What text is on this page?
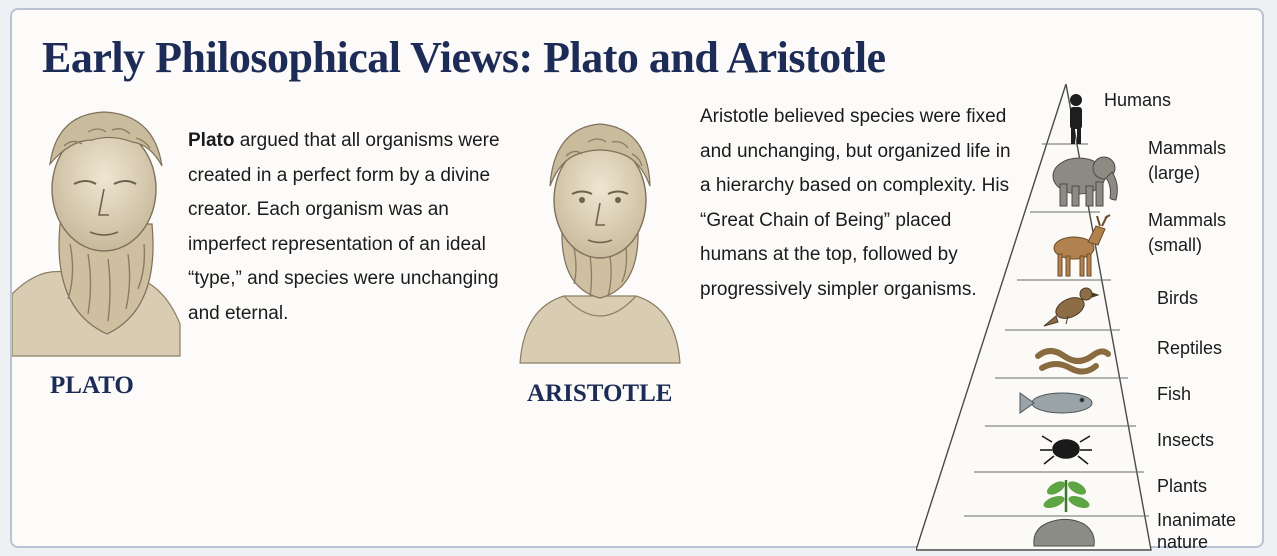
Early Philosophical Views: Plato and Aristotle
PLATO

Plato argued that all organisms were created in a perfect form by a divine creator. Each organism was an imperfect representation of an ideal “type,” and species were unchanging and eternal.

ARISTOTLE

Aristotle believed species were fixed and unchanging, but organized life in a hierarchy based on complexity. His “Great Chain of Being” placed humans at the top, followed by progressively simpler organisms.

Humans
Mammals
(large)
Mammals
(small)
Birds
Reptiles
Fish
Insects
Plants
Inanimate
nature
